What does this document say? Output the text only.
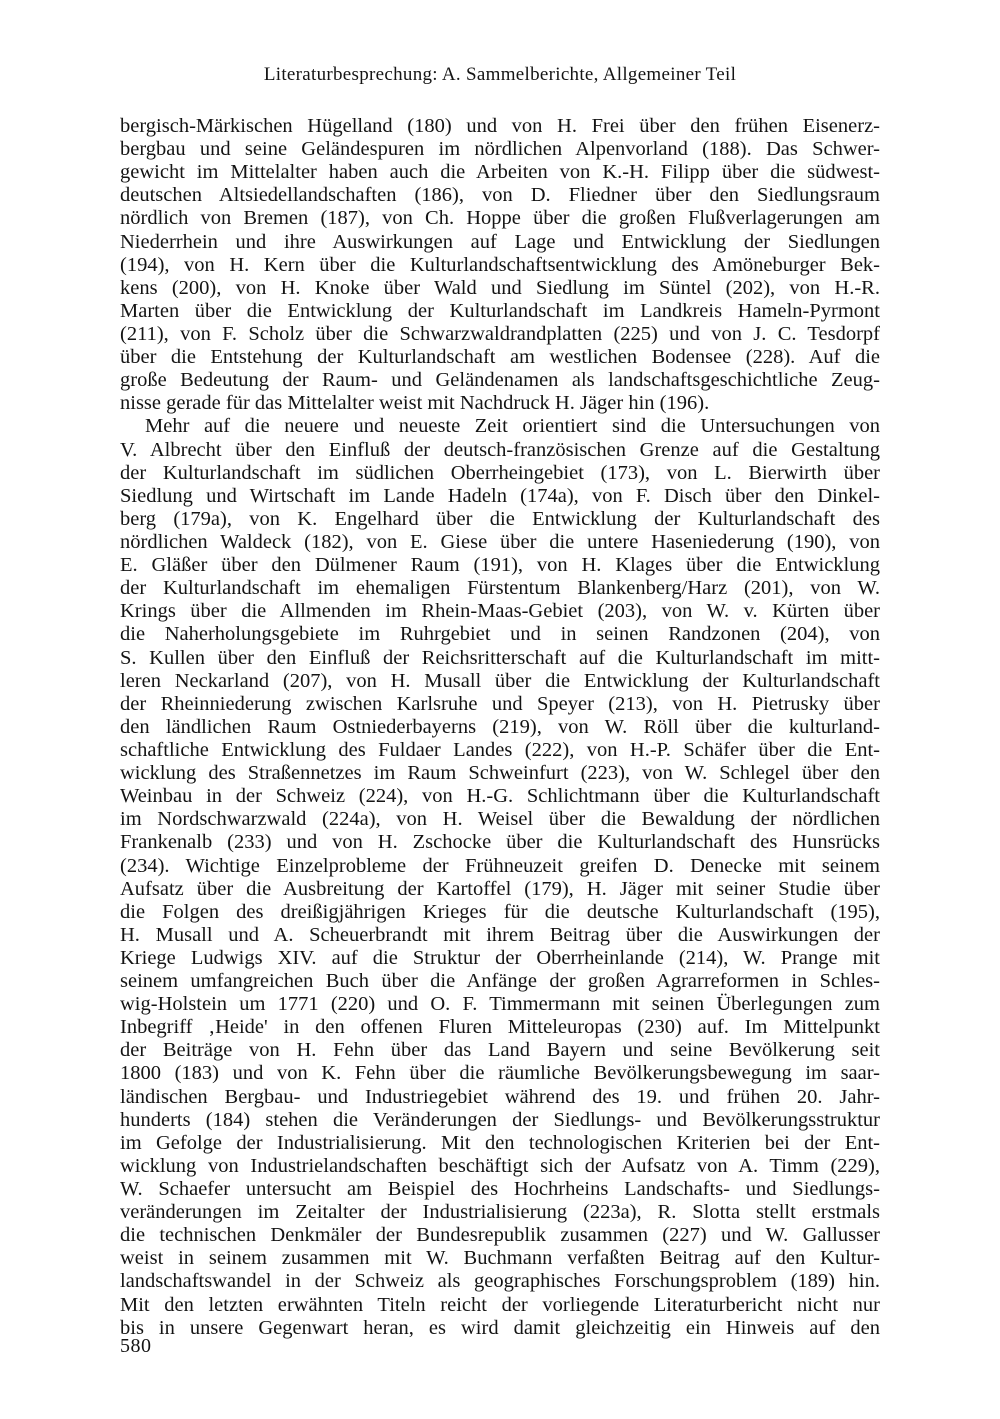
Literaturbesprechung: A. Sammelberichte, Allgemeiner Teil
bergisch-Märkischen Hügelland (180) und von H. Frei über den frühen Eisenerz-
bergbau und seine Geländespuren im nördlichen Alpenvorland (188). Das Schwer-
gewicht im Mittelalter haben auch die Arbeiten von K.-H. Filipp über die südwest-
deutschen Altsiedellandschaften (186), von D. Fliedner über den Siedlungsraum
nördlich von Bremen (187), von Ch. Hoppe über die großen Flußverlagerungen am
Niederrhein und ihre Auswirkungen auf Lage und Entwicklung der Siedlungen
(194), von H. Kern über die Kulturlandschaftsentwicklung des Amöneburger Bek-
kens (200), von H. Knoke über Wald und Siedlung im Süntel (202), von H.-R.
Marten über die Entwicklung der Kulturlandschaft im Landkreis Hameln-Pyrmont
(211), von F. Scholz über die Schwarzwaldrandplatten (225) und von J. C. Tesdorpf
über die Entstehung der Kulturlandschaft am westlichen Bodensee (228). Auf die
große Bedeutung der Raum- und Geländenamen als landschaftsgeschichtliche Zeug-
nisse gerade für das Mittelalter weist mit Nachdruck H. Jäger hin (196).
Mehr auf die neuere und neueste Zeit orientiert sind die Untersuchungen von
V. Albrecht über den Einfluß der deutsch-französischen Grenze auf die Gestaltung
der Kulturlandschaft im südlichen Oberrheingebiet (173), von L. Bierwirth über
Siedlung und Wirtschaft im Lande Hadeln (174a), von F. Disch über den Dinkel-
berg (179a), von K. Engelhard über die Entwicklung der Kulturlandschaft des
nördlichen Waldeck (182), von E. Giese über die untere Haseniederung (190), von
E. Gläßer über den Dülmener Raum (191), von H. Klages über die Entwicklung
der Kulturlandschaft im ehemaligen Fürstentum Blankenberg/Harz (201), von W.
Krings über die Allmenden im Rhein-Maas-Gebiet (203), von W. v. Kürten über
die Naherholungsgebiete im Ruhrgebiet und in seinen Randzonen (204), von
S. Kullen über den Einfluß der Reichsritterschaft auf die Kulturlandschaft im mitt-
leren Neckarland (207), von H. Musall über die Entwicklung der Kulturlandschaft
der Rheinniederung zwischen Karlsruhe und Speyer (213), von H. Pietrusky über
den ländlichen Raum Ostniederbayerns (219), von W. Röll über die kulturland-
schaftliche Entwicklung des Fuldaer Landes (222), von H.-P. Schäfer über die Ent-
wicklung des Straßennetzes im Raum Schweinfurt (223), von W. Schlegel über den
Weinbau in der Schweiz (224), von H.-G. Schlichtmann über die Kulturlandschaft
im Nordschwarzwald (224a), von H. Weisel über die Bewaldung der nördlichen
Frankenalb (233) und von H. Zschocke über die Kulturlandschaft des Hunsrücks
(234). Wichtige Einzelprobleme der Frühneuzeit greifen D. Denecke mit seinem
Aufsatz über die Ausbreitung der Kartoffel (179), H. Jäger mit seiner Studie über
die Folgen des dreißigjährigen Krieges für die deutsche Kulturlandschaft (195),
H. Musall und A. Scheuerbrandt mit ihrem Beitrag über die Auswirkungen der
Kriege Ludwigs XIV. auf die Struktur der Oberrheinlande (214), W. Prange mit
seinem umfangreichen Buch über die Anfänge der großen Agrarreformen in Schles-
wig-Holstein um 1771 (220) und O. F. Timmermann mit seinen Überlegungen zum
Inbegriff ‚Heide' in den offenen Fluren Mitteleuropas (230) auf. Im Mittelpunkt
der Beiträge von H. Fehn über das Land Bayern und seine Bevölkerung seit
1800 (183) und von K. Fehn über die räumliche Bevölkerungsbewegung im saar-
ländischen Bergbau- und Industriegebiet während des 19. und frühen 20. Jahr-
hunderts (184) stehen die Veränderungen der Siedlungs- und Bevölkerungsstruktur
im Gefolge der Industrialisierung. Mit den technologischen Kriterien bei der Ent-
wicklung von Industrielandschaften beschäftigt sich der Aufsatz von A. Timm (229),
W. Schaefer untersucht am Beispiel des Hochrheins Landschafts- und Siedlungs-
veränderungen im Zeitalter der Industrialisierung (223a), R. Slotta stellt erstmals
die technischen Denkmäler der Bundesrepublik zusammen (227) und W. Gallusser
weist in seinem zusammen mit W. Buchmann verfaßten Beitrag auf den Kultur-
landschaftswandel in der Schweiz als geographisches Forschungsproblem (189) hin.
Mit den letzten erwähnten Titeln reicht der vorliegende Literaturbericht nicht nur
bis in unsere Gegenwart heran, es wird damit gleichzeitig ein Hinweis auf den
580
